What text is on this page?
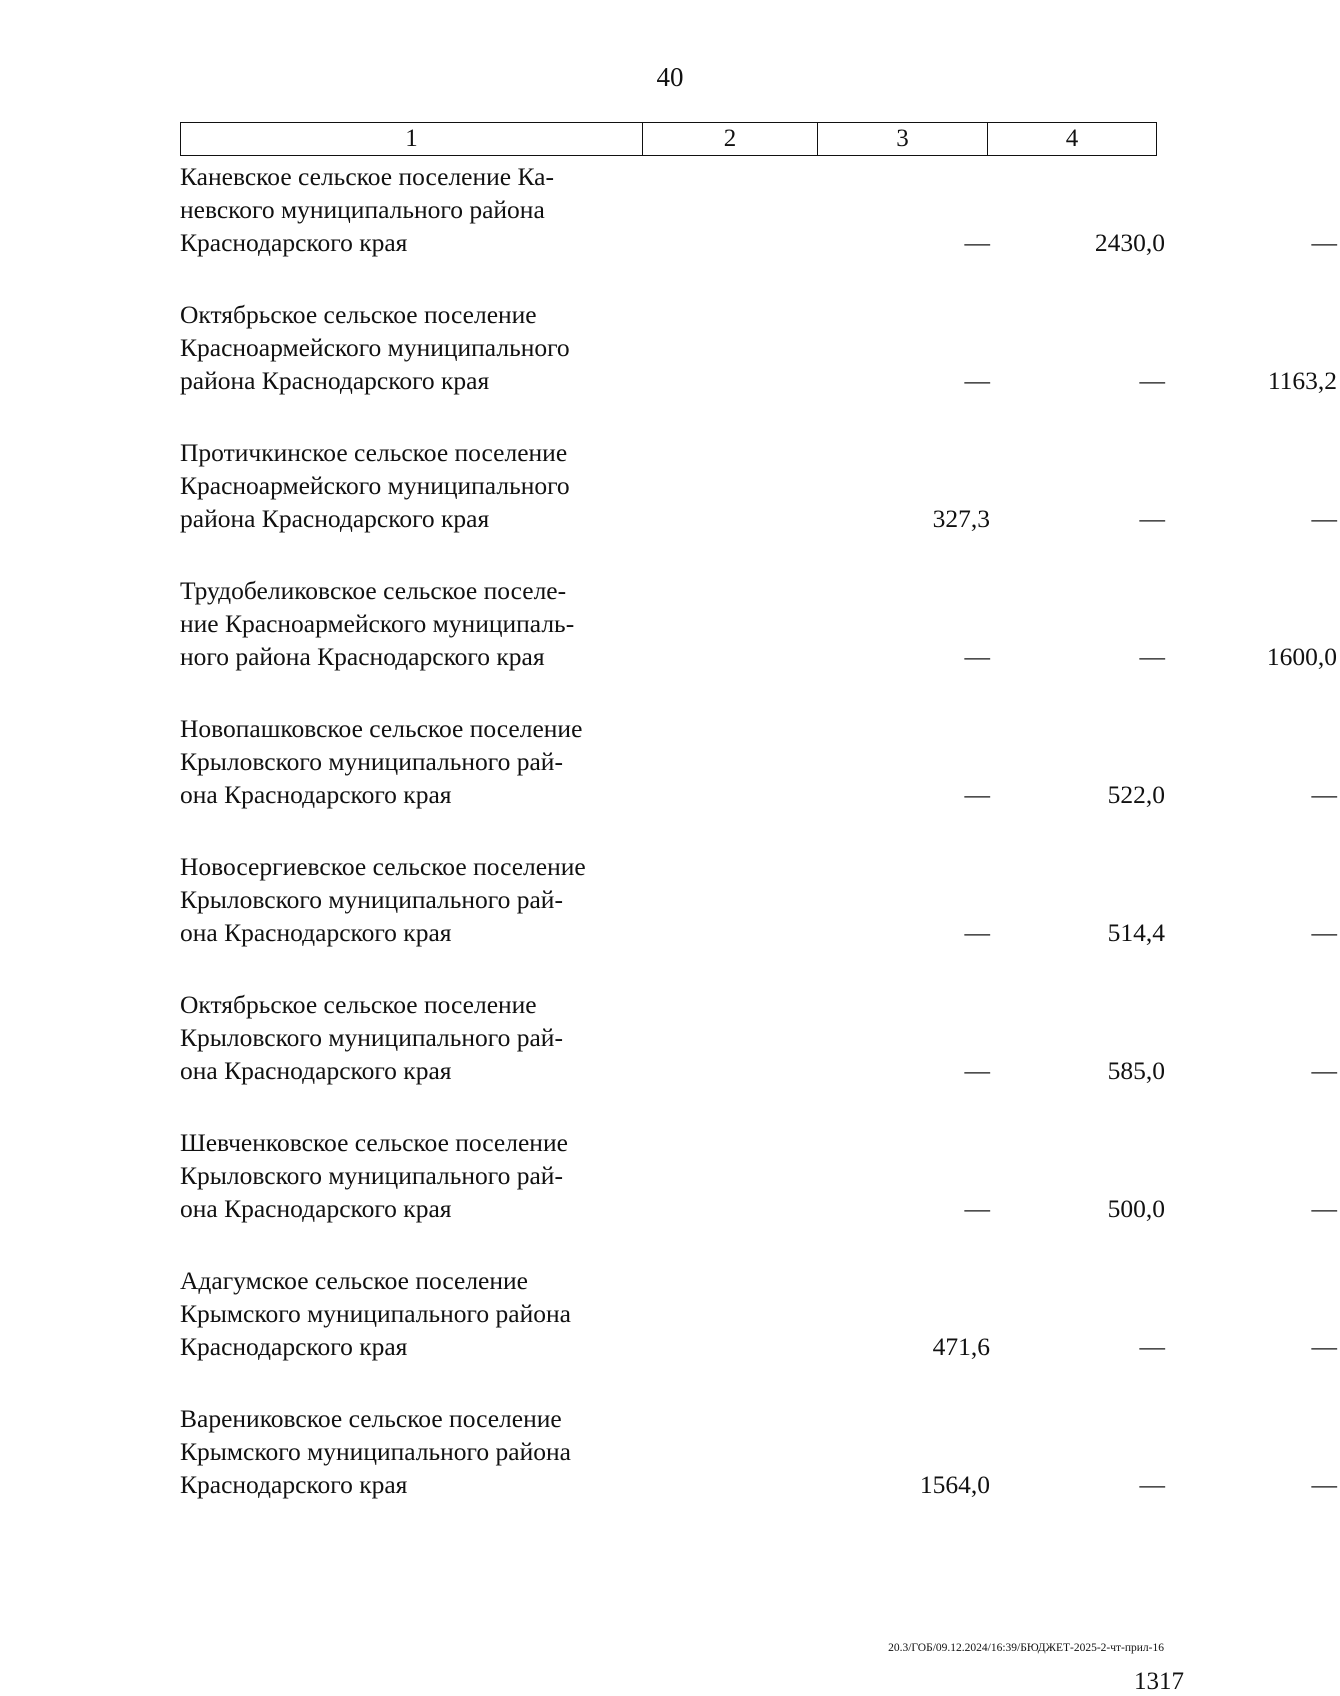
40
1	2	3	4
Каневское сельское поселение Ка-
невского муниципального района
Краснодарского края	—	2430,0	—
Октябрьское сельское поселение
Красноармейского муниципального
района Краснодарского края	—	—	1163,2
Протичкинское сельское поселение
Красноармейского муниципального
района Краснодарского края	327,3	—	—
Трудобеликовское сельское поселе-
ние Красноармейского муниципаль-
ного района Краснодарского края	—	—	1600,0
Новопашковское сельское поселение
Крыловского муниципального рай-
она Краснодарского края	—	522,0	—
Новосергиевское сельское поселение
Крыловского муниципального рай-
она Краснодарского края	—	514,4	—
Октябрьское сельское поселение
Крыловского муниципального рай-
она Краснодарского края	—	585,0	—
Шевченковское сельское поселение
Крыловского муниципального рай-
она Краснодарского края	—	500,0	—
Адагумское сельское поселение
Крымского муниципального района
Краснодарского края	471,6	—	—
Варениковское сельское поселение
Крымского муниципального района
Краснодарского края	1564,0	—	—
20.3/ГОБ/09.12.2024/16:39/БЮДЖЕТ-2025-2-чт-прил-16
1317
